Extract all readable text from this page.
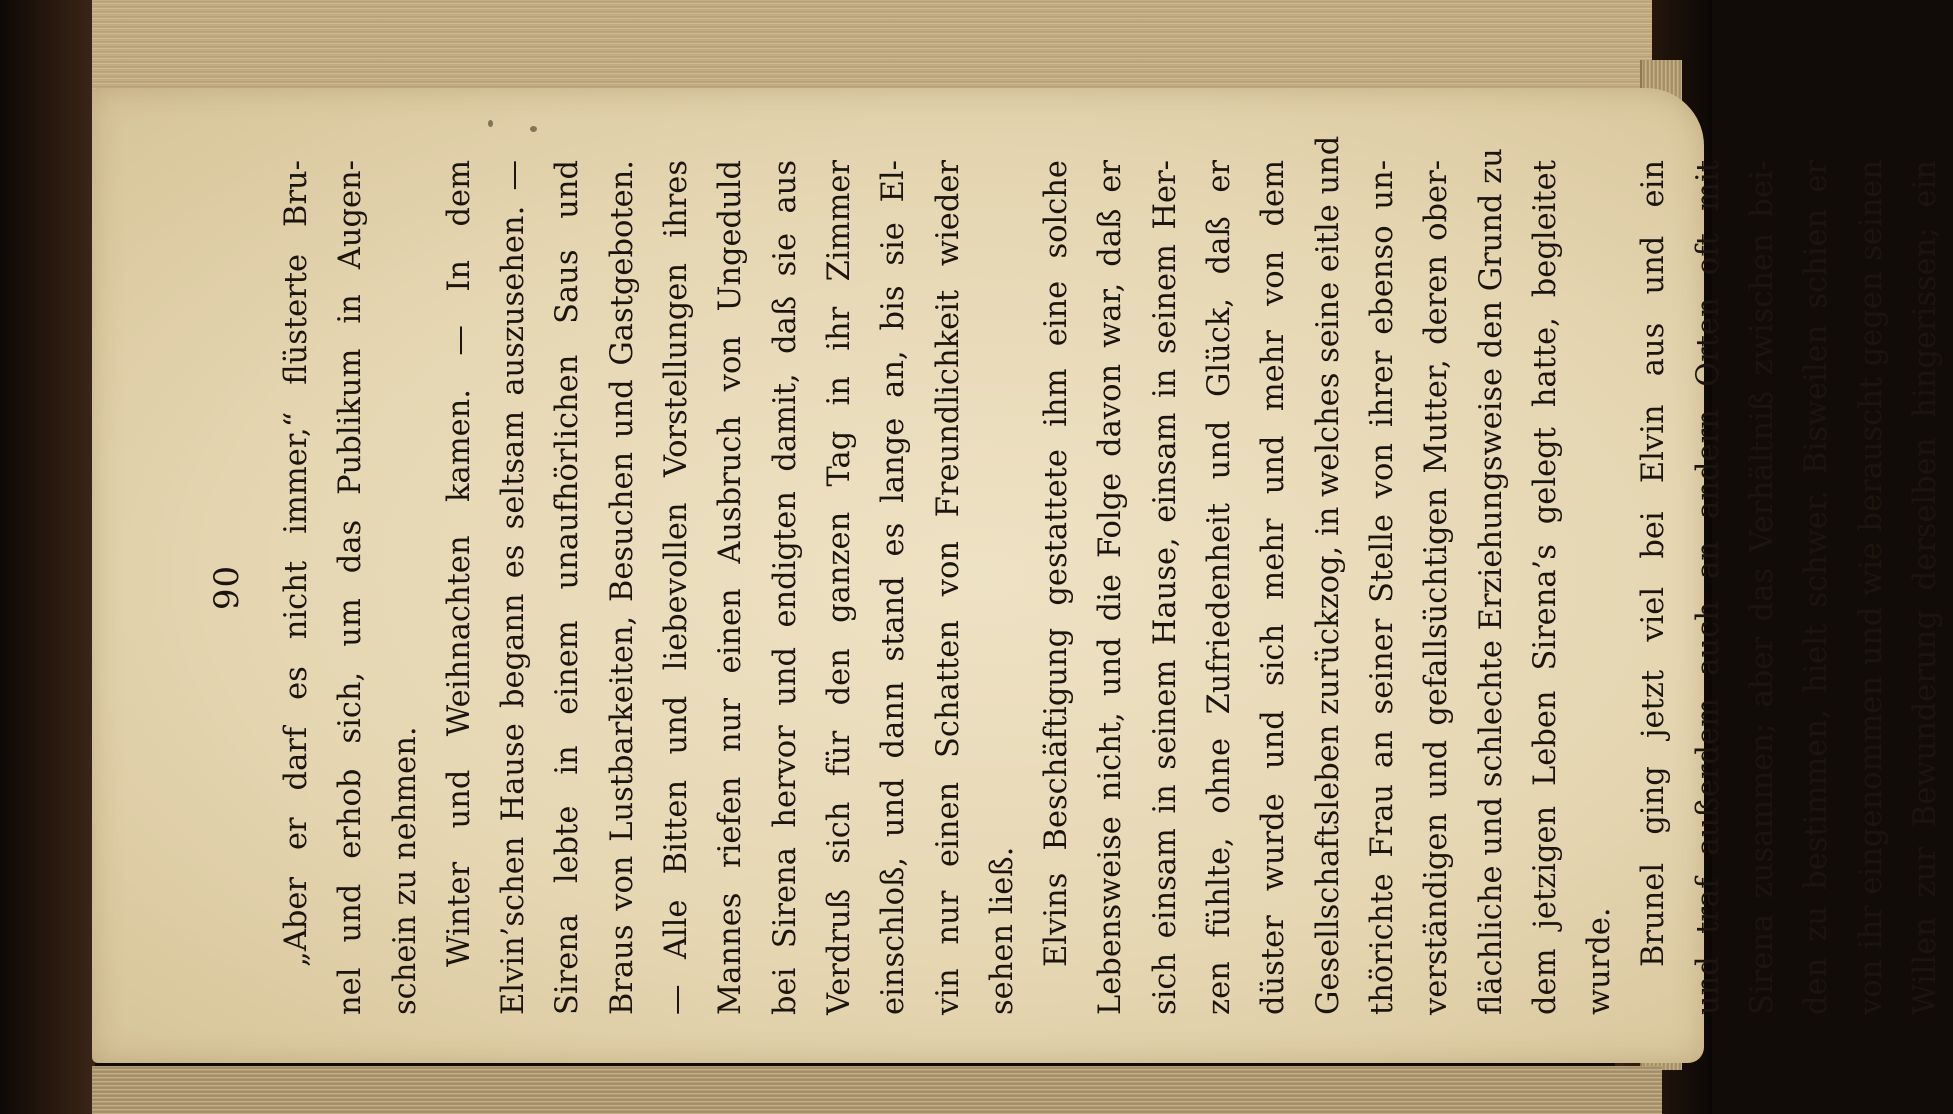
90 „Aber er darf es nicht immer,“ flüsterte Bru- nel und erhob sich, um das Publikum in Augen- schein zu nehmen. Winter und Weihnachten kamen. — In dem Elvin’schen Hause begann es seltsam auszusehen. — Sirena lebte in einem unaufhörlichen Saus und Braus von Lustbarkeiten, Besuchen und Gastgeboten. — Alle Bitten und liebevollen Vorstellungen ihres Mannes riefen nur einen Ausbruch von Ungeduld bei Sirena hervor und endigten damit, daß sie aus Verdruß sich für den ganzen Tag in ihr Zimmer einschloß, und dann stand es lange an, bis sie El- vin nur einen Schatten von Freundlichkeit wieder sehen ließ. Elvins Beschäftigung gestattete ihm eine solche Lebensweise nicht, und die Folge davon war, daß er sich einsam in seinem Hause, einsam in seinem Her- zen fühlte, ohne Zufriedenheit und Glück, daß er düster wurde und sich mehr und mehr von dem Gesellschaftsleben zurückzog, in welches seine eitle und thörichte Frau an seiner Stelle von ihrer ebenso un- verständigen und gefallsüchtigen Mutter, deren ober- flächliche und schlechte Erziehungsweise den Grund zu dem jetzigen Leben Sirena’s gelegt hatte, begleitet wurde. Brunel ging jetzt viel bei Elvin aus und ein und traf außerdem auch an andern Orten oft mit Sirena zusammen; aber das Verhältniß zwischen bei- den zu bestimmen, hielt schwer. Bisweilen schien er von ihr eingenommen und wie berauscht gegen seinen Willen zur Bewunderung derselben hingerissen; ein
